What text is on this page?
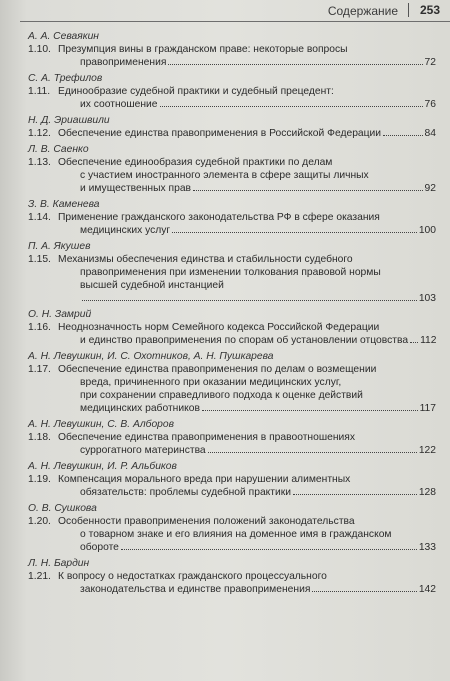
Содержание 253
А. А. Севаякин
1.10. Презумпция вины в гражданском праве: некоторые вопросы
правоприменения	72
С. А. Трефилов
1.11. Единообразие судебной практики и судебный прецедент:
их соотношение	76
Н. Д. Эриашвили
1.12. Обеспечение единства правоприменения в Российской Федерации	84
Л. В. Саенко
1.13. Обеспечение единообразия судебной практики по делам
с участием иностранного элемента в сфере защиты личных
и имущественных прав	92
З. В. Каменева
1.14. Применение гражданского законодательства РФ в сфере оказания
медицинских услуг	100
П. А. Якушев
1.15. Механизмы обеспечения единства и стабильности судебного
правоприменения при изменении толкования правовой нормы
высшей судебной инстанцией
103
О. Н. Замрий
1.16. Неоднозначность норм Семейного кодекса Российской Федерации
и единство правоприменения по спорам об установлении отцовства 112
А. Н. Левушкин, И. С. Охотников, А. Н. Пушкарева
1.17. Обеспечение единства правоприменения по делам о возмещении
вреда, причиненного при оказании медицинских услуг,
при сохранении справедливого подхода к оценке действий
медицинских работников	117
А. Н. Левушкин, С. В. Алборов
1.18. Обеспечение единства правоприменения в правоотношениях
суррогатного материнства	122
А. Н. Левушкин, И. Р. Альбиков
1.19. Компенсация морального вреда при нарушении алиментных
обязательств: проблемы судебной практики	128
О. В. Сушкова
1.20. Особенности правоприменения положений законодательства
о товарном знаке и его влияния на доменное имя в гражданском
обороте	133
Л. Н. Бардин
1.21. К вопросу о недостатках гражданского процессуального
законодательства и единстве правоприменения	142
